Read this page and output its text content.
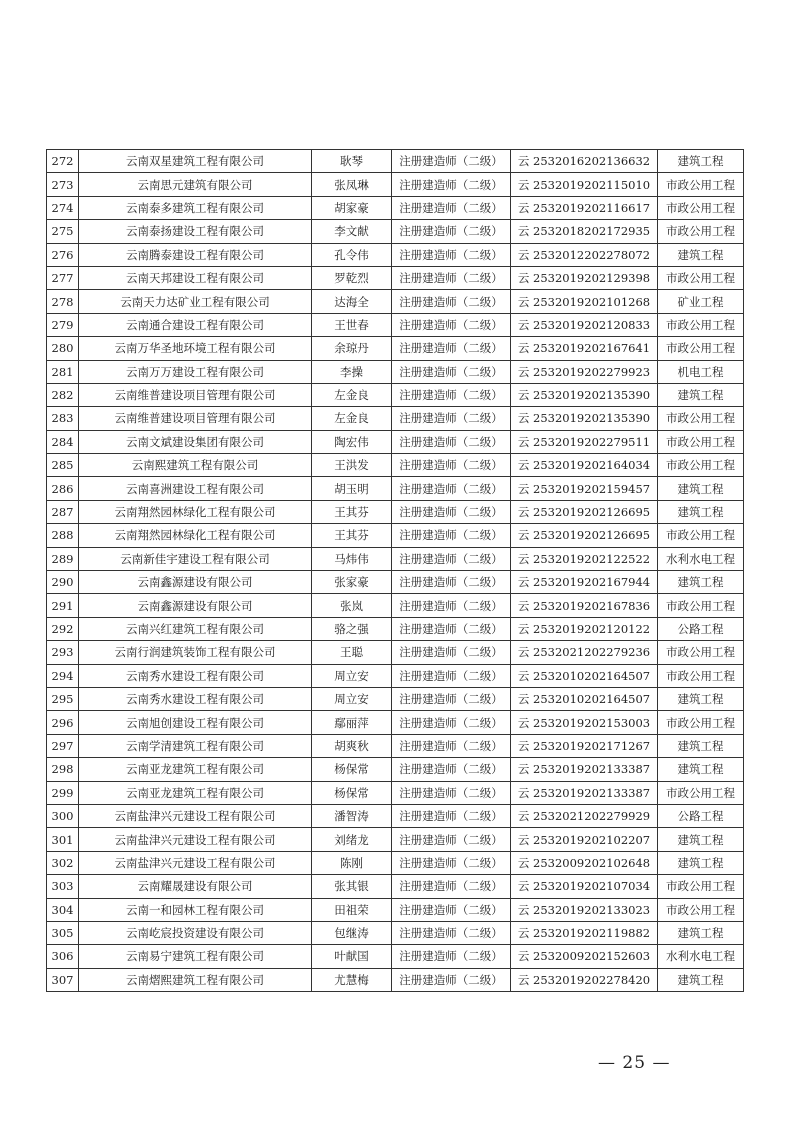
272	云南双星建筑工程有限公司	耿琴	注册建造师（二级）	云 2532016202136632	建筑工程
273	云南思元建筑有限公司	张凤琳	注册建造师（二级）	云 2532019202115010	市政公用工程
274	云南泰多建筑工程有限公司	胡家豪	注册建造师（二级）	云 2532019202116617	市政公用工程
275	云南泰扬建设工程有限公司	李文献	注册建造师（二级）	云 2532018202172935	市政公用工程
276	云南腾泰建设工程有限公司	孔令伟	注册建造师（二级）	云 2532012202278072	建筑工程
277	云南天邦建设工程有限公司	罗乾烈	注册建造师（二级）	云 2532019202129398	市政公用工程
278	云南天力达矿业工程有限公司	达海全	注册建造师（二级）	云 2532019202101268	矿业工程
279	云南通合建设工程有限公司	王世春	注册建造师（二级）	云 2532019202120833	市政公用工程
280	云南万华圣地环境工程有限公司	余琼丹	注册建造师（二级）	云 2532019202167641	市政公用工程
281	云南万万建设工程有限公司	李操	注册建造师（二级）	云 2532019202279923	机电工程
282	云南维普建设项目管理有限公司	左金良	注册建造师（二级）	云 2532019202135390	建筑工程
283	云南维普建设项目管理有限公司	左金良	注册建造师（二级）	云 2532019202135390	市政公用工程
284	云南文斌建设集团有限公司	陶宏伟	注册建造师（二级）	云 2532019202279511	市政公用工程
285	云南熙建筑工程有限公司	王洪发	注册建造师（二级）	云 2532019202164034	市政公用工程
286	云南喜洲建设工程有限公司	胡玉明	注册建造师（二级）	云 2532019202159457	建筑工程
287	云南翔然园林绿化工程有限公司	王其芬	注册建造师（二级）	云 2532019202126695	建筑工程
288	云南翔然园林绿化工程有限公司	王其芬	注册建造师（二级）	云 2532019202126695	市政公用工程
289	云南新佳宇建设工程有限公司	马炜伟	注册建造师（二级）	云 2532019202122522	水利水电工程
290	云南鑫源建设有限公司	张家豪	注册建造师（二级）	云 2532019202167944	建筑工程
291	云南鑫源建设有限公司	张岚	注册建造师（二级）	云 2532019202167836	市政公用工程
292	云南兴红建筑工程有限公司	骆之强	注册建造师（二级）	云 2532019202120122	公路工程
293	云南行润建筑装饰工程有限公司	王聪	注册建造师（二级）	云 2532021202279236	市政公用工程
294	云南秀水建设工程有限公司	周立安	注册建造师（二级）	云 2532010202164507	市政公用工程
295	云南秀水建设工程有限公司	周立安	注册建造师（二级）	云 2532010202164507	建筑工程
296	云南旭创建设工程有限公司	鄢丽萍	注册建造师（二级）	云 2532019202153003	市政公用工程
297	云南学清建筑工程有限公司	胡爽秋	注册建造师（二级）	云 2532019202171267	建筑工程
298	云南亚龙建筑工程有限公司	杨保常	注册建造师（二级）	云 2532019202133387	建筑工程
299	云南亚龙建筑工程有限公司	杨保常	注册建造师（二级）	云 2532019202133387	市政公用工程
300	云南盐津兴元建设工程有限公司	潘智涛	注册建造师（二级）	云 2532021202279929	公路工程
301	云南盐津兴元建设工程有限公司	刘绪龙	注册建造师（二级）	云 2532019202102207	建筑工程
302	云南盐津兴元建设工程有限公司	陈刚	注册建造师（二级）	云 2532009202102648	建筑工程
303	云南耀晟建设有限公司	张其银	注册建造师（二级）	云 2532019202107034	市政公用工程
304	云南一和园林工程有限公司	田祖荣	注册建造师（二级）	云 2532019202133023	市政公用工程
305	云南屹宸投资建设有限公司	包继涛	注册建造师（二级）	云 2532019202119882	建筑工程
306	云南易宁建筑工程有限公司	叶献国	注册建造师（二级）	云 2532009202152603	水利水电工程
307	云南熠熙建筑工程有限公司	尤慧梅	注册建造师（二级）	云 2532019202278420	建筑工程
— 25 —
